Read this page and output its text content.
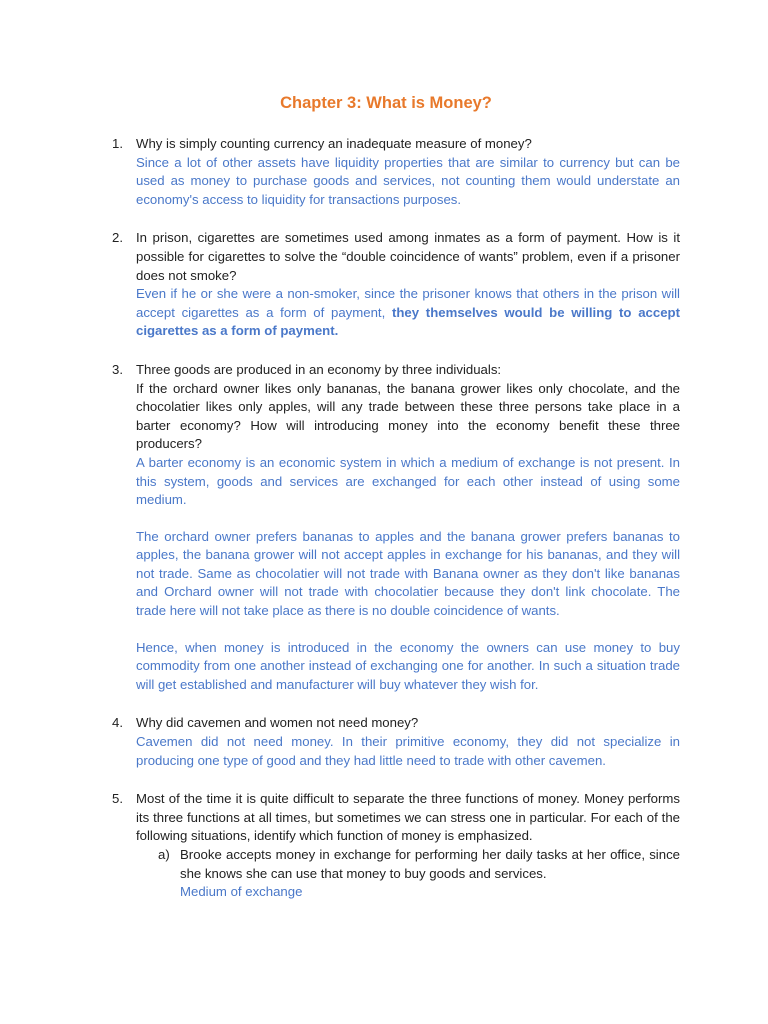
Chapter 3: What is Money?
1. Why is simply counting currency an inadequate measure of money?
Since a lot of other assets have liquidity properties that are similar to currency but can be used as money to purchase goods and services, not counting them would understate an economy's access to liquidity for transactions purposes.
2. In prison, cigarettes are sometimes used among inmates as a form of payment. How is it possible for cigarettes to solve the “double coincidence of wants” problem, even if a prisoner does not smoke?
Even if he or she were a non-smoker, since the prisoner knows that others in the prison will accept cigarettes as a form of payment, they themselves would be willing to accept cigarettes as a form of payment.
3. Three goods are produced in an economy by three individuals:
If the orchard owner likes only bananas, the banana grower likes only chocolate, and the chocolatier likes only apples, will any trade between these three persons take place in a barter economy? How will introducing money into the economy benefit these three producers?
A barter economy is an economic system in which a medium of exchange is not present. In this system, goods and services are exchanged for each other instead of using some medium.
The orchard owner prefers bananas to apples and the banana grower prefers bananas to apples, the banana grower will not accept apples in exchange for his bananas, and they will not trade. Same as chocolatier will not trade with Banana owner as they don't like bananas and Orchard owner will not trade with chocolatier because they don't link chocolate. The trade here will not take place as there is no double coincidence of wants.
Hence, when money is introduced in the economy the owners can use money to buy commodity from one another instead of exchanging one for another. In such a situation trade will get established and manufacturer will buy whatever they wish for.
4. Why did cavemen and women not need money?
Cavemen did not need money. In their primitive economy, they did not specialize in producing one type of good and they had little need to trade with other cavemen.
5. Most of the time it is quite difficult to separate the three functions of money. Money performs its three functions at all times, but sometimes we can stress one in particular. For each of the following situations, identify which function of money is emphasized.
a) Brooke accepts money in exchange for performing her daily tasks at her office, since she knows she can use that money to buy goods and services.
Medium of exchange
